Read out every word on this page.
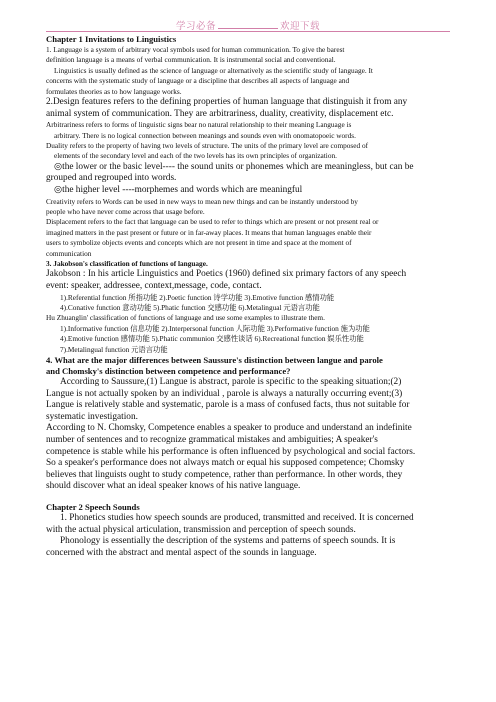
学习必备	欢迎下载
Chapter 1 Invitations to Linguistics
1. Language is a system of arbitrary vocal symbols used for human communication. To give the barest
definition language is a means of verbal communication. It is instrumental social and conventional.
Linguistics is usually defined as the science of language or alternatively as the scientific study of language. It
concerns with the systematic study of language or a discipline that describes all aspects of language and
formulates theories as to how language works.
2.Design features refers to the defining properties of human language that distinguish it from any
animal system of communication. They are arbitrariness, duality, creativity, displacement etc.
Arbitrariness refers to forms of linguistic signs bear no natural relationship to their meaning Language is
arbitrary. There is no logical connection between meanings and sounds even with onomatopoeic words.
Duality refers to the property of having two levels of structure. The units of the primary level are composed of
elements of the secondary level and each of the two levels has its own principles of organization.
◎the lower or the basic level---- the sound units or phonemes which are meaningless, but can be
grouped and regrouped into words.
◎the higher level ----morphemes and words which are meaningful
Creativity refers to Words can be used in new ways to mean new things and can be instantly understood by
people who have never come across that usage before.
Displacement refers to the fact that language can be used to refer to things which are present or not present real or
imagined matters in the past present or future or in far-away places. It means that human languages enable their
users to symbolize objects events and concepts which are not present in time and space at the moment of
communication
3. Jakobson's classification of functions of language.
Jakobson : In his article Linguistics and Poetics (1960) defined six primary factors of any speech
event: speaker, addressee, context,message, code, contact.
1).Referential function 所指功能 2).Poetic function 诗学功能 3).Emotive function 感情功能
4).Conative function 意动功能 5).Phatic function 交感功能 6).Metalingual 元语言功能
Hu Zhuanglin' classification of functions of language and use some examples to illustrate them.
1).Informative function 信息功能 2).Interpersonal function 人际功能 3).Performative function 施为功能
4).Emotive function 感情功能 5).Phatic communion 交感性谈话 6).Recreational function 娱乐性功能
7).Metalingual function 元语言功能
4. What are the major differences between Saussure's distinction between langue and parole
and Chomsky's distinction between competence and performance?
According to Saussure,(1) Langue is abstract, parole is specific to the speaking situation;(2)
Langue is not actually spoken by an individual , parole is always a naturally occurring event;(3)
Langue is relatively stable and systematic, parole is a mass of confused facts, thus not suitable for
systematic investigation.
According to N. Chomsky, Competence enables a speaker to produce and understand an indefinite
number of sentences and to recognize grammatical mistakes and ambiguities; A speaker's
competence is stable while his performance is often influenced by psychological and social factors.
So a speaker's performance does not always match or equal his supposed competence; Chomsky
believes that linguists ought to study competence, rather than performance. In other words, they
should discover what an ideal speaker knows of his native language.
Chapter 2 Speech Sounds
1. Phonetics studies how speech sounds are produced, transmitted and received. It is concerned
with the actual physical articulation, transmission and perception of speech sounds.
Phonology is essentially the description of the systems and patterns of speech sounds. It is
concerned with the abstract and mental aspect of the sounds in language.
